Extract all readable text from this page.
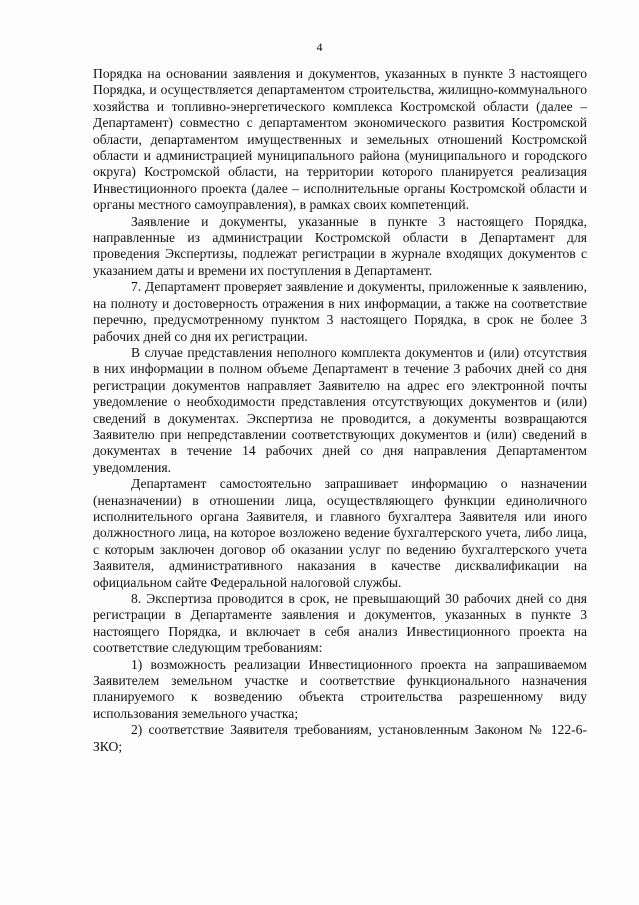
4

Порядка на основании заявления и документов, указанных в пункте 3 настоящего Порядка, и осуществляется департаментом строительства, жилищно-коммунального хозяйства и топливно-энергетического комплекса Костромской области (далее – Департамент) совместно с департаментом экономического развития Костромской области, департаментом имущественных и земельных отношений Костромской области и администрацией муниципального района (муниципального и городского округа) Костромской области, на территории которого планируется реализация Инвестиционного проекта (далее – исполнительные органы Костромской области и органы местного самоуправления), в рамках своих компетенций.

Заявление и документы, указанные в пункте 3 настоящего Порядка, направленные из администрации Костромской области в Департамент для проведения Экспертизы, подлежат регистрации в журнале входящих документов с указанием даты и времени их поступления в Департамент.

7. Департамент проверяет заявление и документы, приложенные к заявлению, на полноту и достоверность отражения в них информации, а также на соответствие перечню, предусмотренному пунктом 3 настоящего Порядка, в срок не более 3 рабочих дней со дня их регистрации.

В случае представления неполного комплекта документов и (или) отсутствия в них информации в полном объеме Департамент в течение 3 рабочих дней со дня регистрации документов направляет Заявителю на адрес его электронной почты уведомление о необходимости представления отсутствующих документов и (или) сведений в документах. Экспертиза не проводится, а документы возвращаются Заявителю при непредставлении соответствующих документов и (или) сведений в документах в течение 14 рабочих дней со дня направления Департаментом уведомления.

Департамент самостоятельно запрашивает информацию о назначении (неназначении) в отношении лица, осуществляющего функции единоличного исполнительного органа Заявителя, и главного бухгалтера Заявителя или иного должностного лица, на которое возложено ведение бухгалтерского учета, либо лица, с которым заключен договор об оказании услуг по ведению бухгалтерского учета Заявителя, административного наказания в качестве дисквалификации на официальном сайте Федеральной налоговой службы.

8. Экспертиза проводится в срок, не превышающий 30 рабочих дней со дня регистрации в Департаменте заявления и документов, указанных в пункте 3 настоящего Порядка, и включает в себя анализ Инвестиционного проекта на соответствие следующим требованиям:

1) возможность реализации Инвестиционного проекта на запрашиваемом Заявителем земельном участке и соответствие функционального назначения планируемого к возведению объекта строительства разрешенному виду использования земельного участка;

2) соответствие Заявителя требованиям, установленным Законом № 122-6-ЗКО;
